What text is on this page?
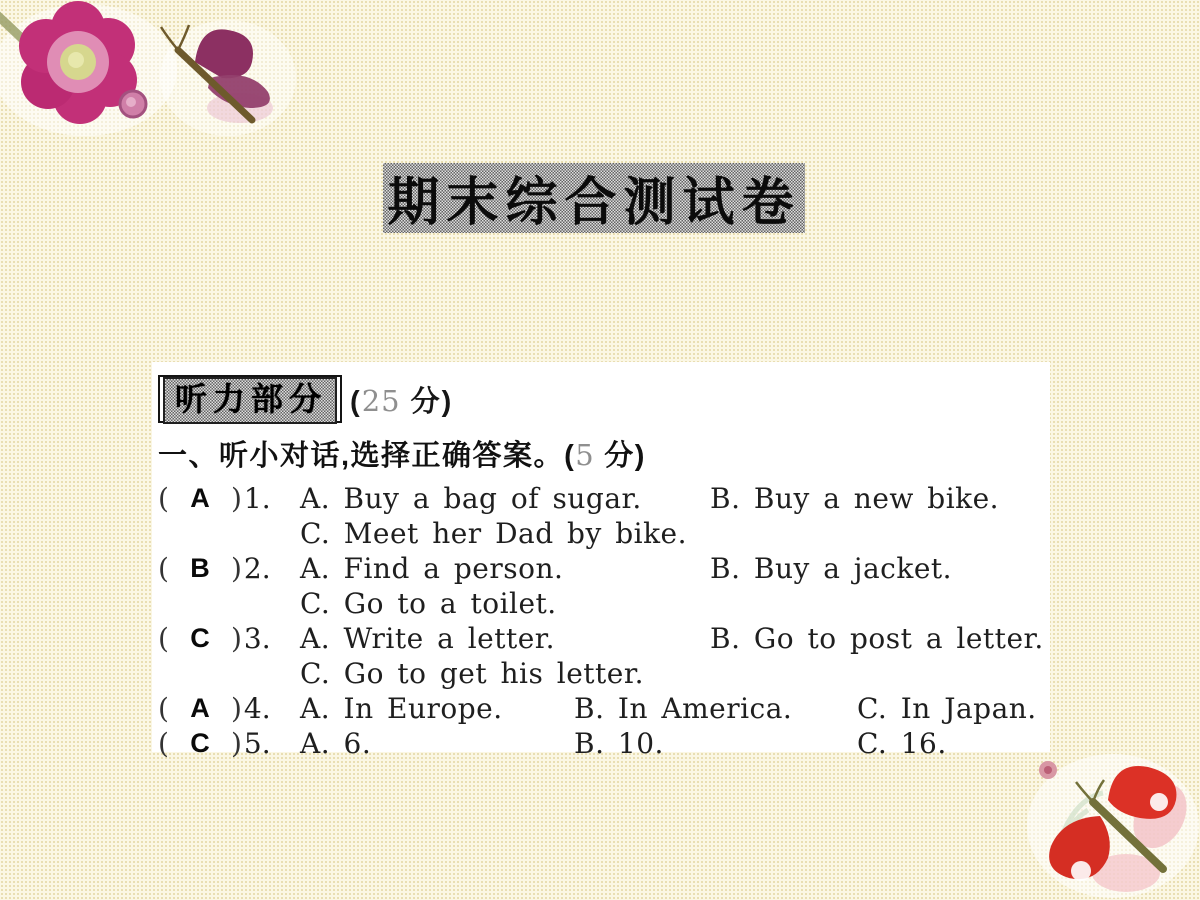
期末综合测试卷
听力部分 (25 分)
一、听小对话,选择正确答案。(5 分)
( A ) 1. A. Buy a bag of sugar.	B. Buy a new bike.
C. Meet her Dad by bike.
( B ) 2. A. Find a person.	B. Buy a jacket.
C. Go to a toilet.
( C ) 3. A. Write a letter.	B. Go to post a letter.
C. Go to get his letter.
( A ) 4. A. In Europe.	B. In America.	C. In Japan.
( C ) 5. A. 6.	B. 10.	C. 16.
